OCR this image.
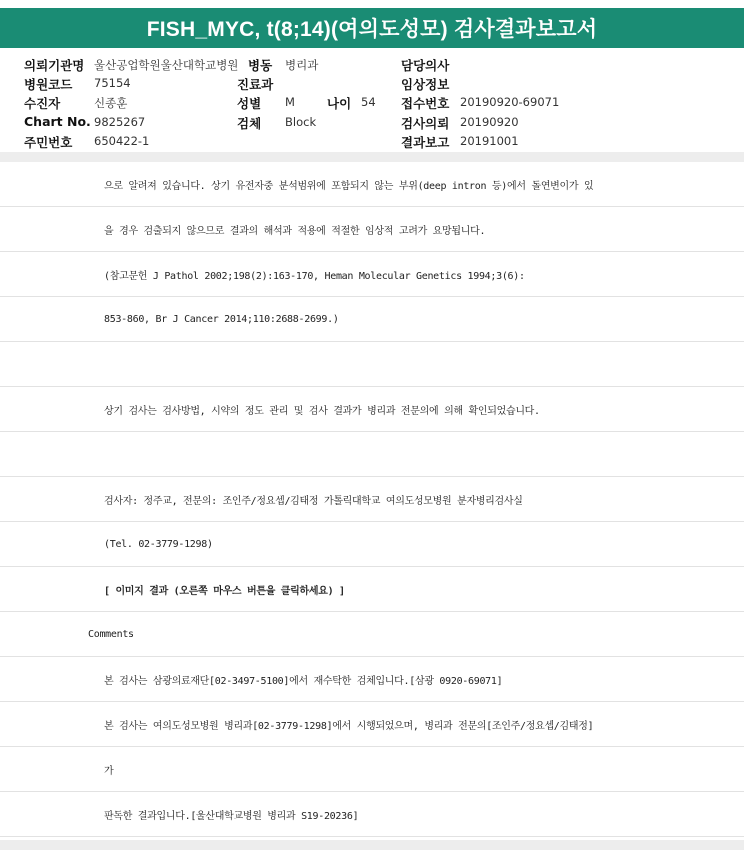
FISH_MYC, t(8;14)(여의도성모) 검사결과보고서
의뢰기관명 울산공업학원울산대학교병원 병동 병리과	담당의사
병원코드 75154	진료과	임상정보
수진자	신종훈	성별 M	나이 54 접수번호 20190920-69071
Chart No. 9825267	검체 Block	검사의뢰 20190920
주민번호 650422-1	결과보고 20191001
으로 알려져 있습니다. 상기 유전자중 분석범위에 포함되지 않는 부위(deep intron 등)에서 돌연변이가 있
을 경우 검출되지 않으므로 결과의 해석과 적용에 적절한 임상적 고려가 요망됩니다.
(참고문헌 J Pathol 2002;198(2):163-170, Heman Molecular Genetics 1994;3(6):
853-860, Br J Cancer 2014;110:2688-2699.)
상기 검사는 검사방법, 시약의 정도 관리 및 검사 결과가 병리과 전문의에 의해 확인되었습니다.
검사자: 정주교, 전문의: 조인주/정요셉/김태정 가톨릭대학교 여의도성모병원 분자병리검사실
(Tel. 02-3779-1298)
[ 이미지 결과 (오른쪽 마우스 버튼을 클릭하세요) ]
Comments
본 검사는 삼광의료재단[02-3497-5100]에서 재수탁한 검체입니다.[삼광 0920-69071]
본 검사는 여의도성모병원 병리과[02-3779-1298]에서 시행되었으며, 병리과 전문의[조인주/정요셉/김태정]
가
판독한 결과입니다.[울산대학교병원 병리과 S19-20236]
